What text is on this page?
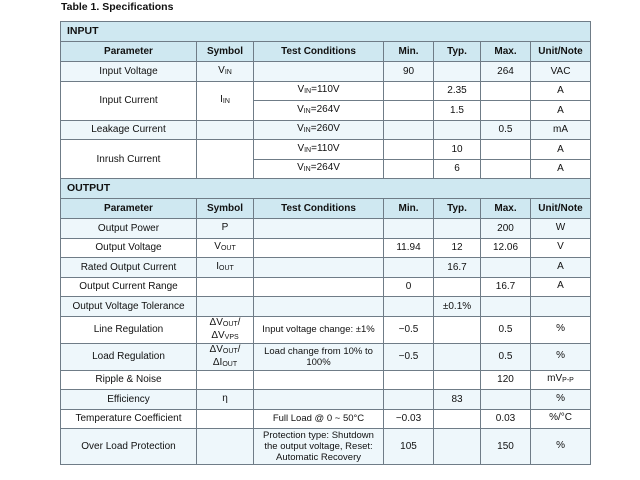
Table 1. Specifications
INPUT						
Parameter	Symbol	Test Conditions	Min.	Typ.	Max.	Unit/Note
Input Voltage	$V_{IN}$		90		264	VAC
Input Current	$I_{IN}$	$V_{IN}=110V$		2.35		A
		$V_{IN}=264V$		1.5		A
Leakage Current		$V_{IN}=260V$			0.5	mA
Inrush Current		$V_{IN}=110V$		10		A
		$V_{IN}=264V$		6		A
OUTPUT						
Parameter	Symbol	Test Conditions	Min.	Typ.	Max.	Unit/Note
Output Power	P				200	W
Output Voltage	$V_{OUT}$		11.94	12	12.06	V
Rated Output Current	$I_{OUT}$			16.7		A
Output Current Range			0		16.7	A
Output Voltage Tolerance				±0.1%		
Line Regulation	$\Delta V_{OUT}/\Delta V_{VPS}$	Input voltage change: ±1%	−0.5		0.5	%
Load Regulation	$\Delta V_{OUT}/\Delta I_{OUT}$	Load change from 10% to 100%	−0.5		0.5	%
Ripple & Noise					120	$mV_{P-P}$
Efficiency	η			83		%
Temperature Coefficient		Full Load @ 0 ~ 50°C	−0.03		0.03	%/°C
Over Load Protection		Protection type: Shutdown the output voltage, Reset: Automatic Recovery	105		150	%
